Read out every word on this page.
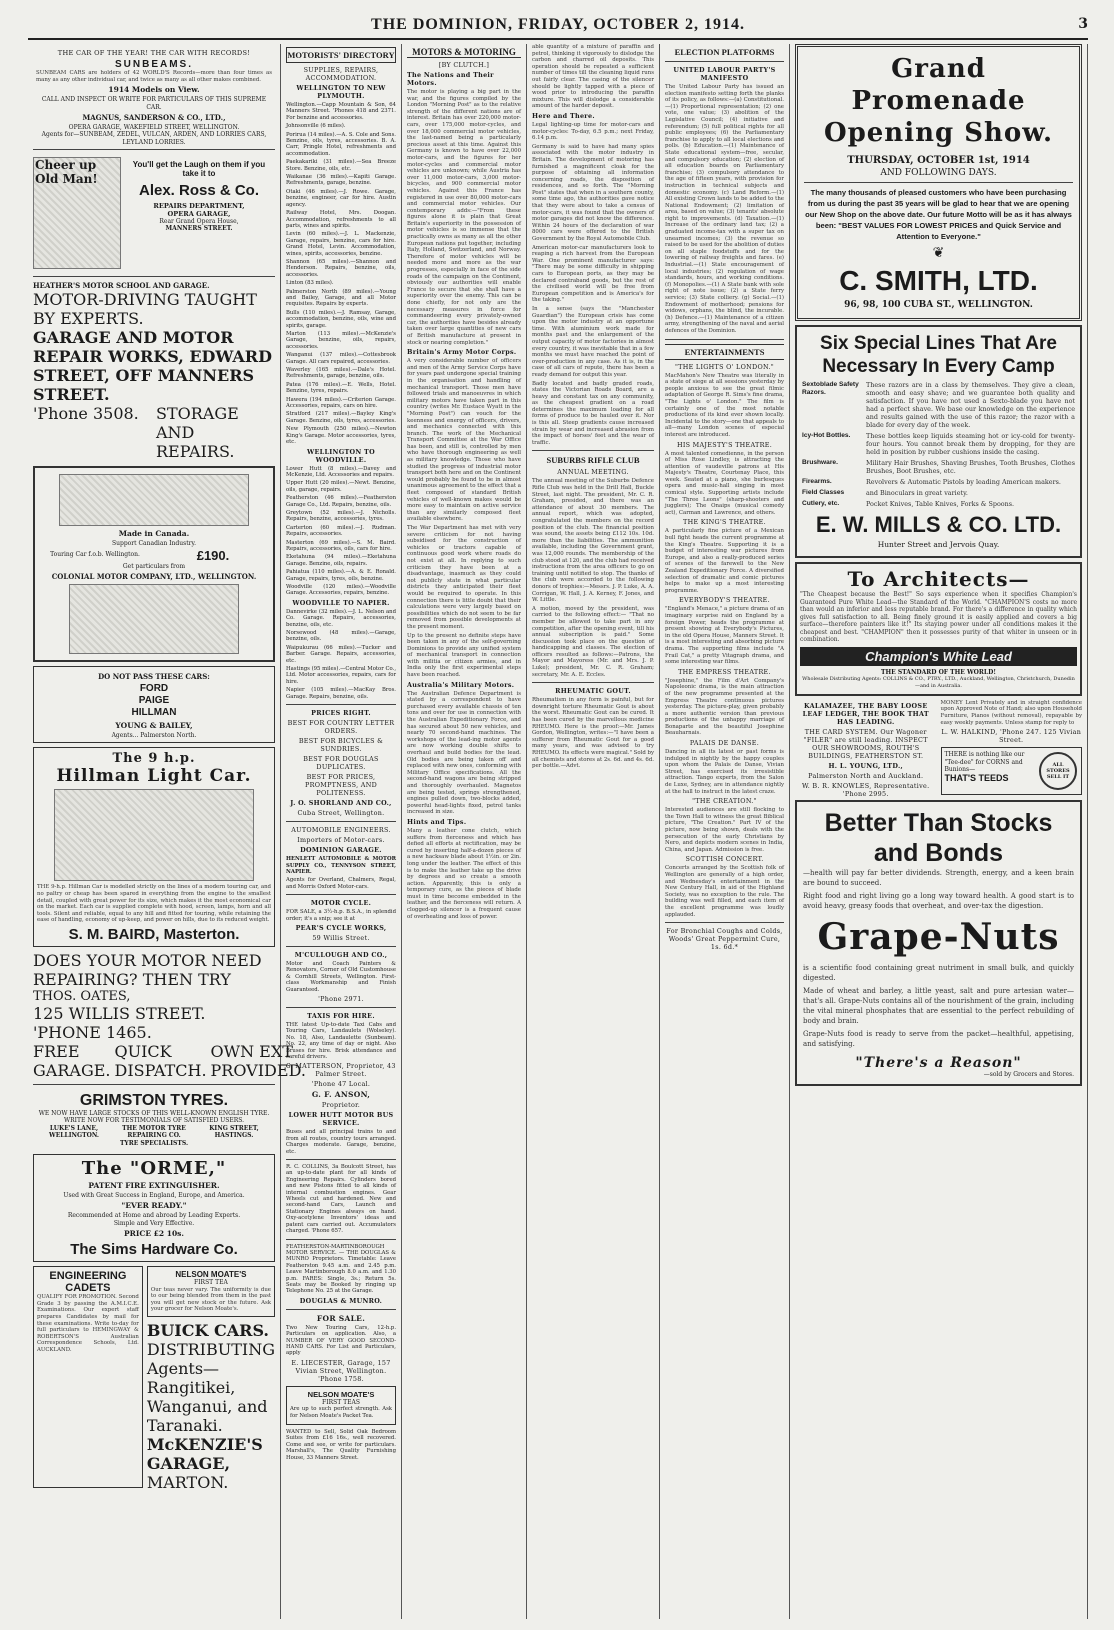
THE DOMINION, FRIDAY, OCTOBER 2, 1914.	3
THE CAR OF THE YEAR! THE CAR WITH RECORDS!
SUNBEAMS.
SUNBEAM CARS are holders of 42 WORLD'S Records—more than four times as many as any other individual car, and twice as many as all other makes combined.
1914 Models on View.
CALL AND INSPECT OR WRITE FOR PARTICULARS OF THIS SUPREME CAR.
MAGNUS, SANDERSON & CO., LTD.,
OPERA GARAGE, WAKEFIELD STREET, WELLINGTON.
Agents for—SUNBEAM, ZEDEL, VULCAN, ARDEN, AND LORRIES CARS, LEYLAND LORRIES.
Cheer up Old Man!
You'll get the Laugh on them if you take it to
Alex. Ross & Co.
REPAIRS DEPARTMENT,
OPERA GARAGE,
Rear Grand Opera House,
MANNERS STREET.
HEATHER'S MOTOR SCHOOL AND GARAGE.
MOTOR-DRIVING TAUGHT BY EXPERTS.
GARAGE AND MOTOR REPAIR WORKS, EDWARD STREET, OFF MANNERS STREET.
'Phone 3508.	STORAGE AND REPAIRS.
Made in Canada.
Support Canadian Industry.
Touring Car f.o.b. Wellington.	£190.
Get particulars from
COLONIAL MOTOR COMPANY, LTD., WELLINGTON.
DO NOT PASS THESE CARS:
FORD
PAIGE
HILLMAN
YOUNG & BAILEY,
Agents... Palmerston North.
The 9 h.p.
Hillman Light Car.
THE 9-h.p. Hillman Car is modelled strictly on the lines of a modern touring car, and no paltry or cheap has been spared in everything from the engine to the smallest detail, coupled with great power for its size, which makes it the most economical car on the market. Each car is supplied complete with hood, screen, lamps, horn and all tools. Silent and reliable, equal to any hill and fitted for touring, while retaining the ease of handling, economy of up-keep, and power on hills, due to its reduced weight.
S. M. BAIRD, Masterton.
DOES YOUR MOTOR NEED REPAIRING? THEN TRY
THOS. OATES,
125 WILLIS STREET. 'PHONE 1465.
FREE GARAGE.
QUICK DISPATCH.
OWN EXT PROVIDED.
GRIMSTON TYRES.
WE NOW HAVE LARGE STOCKS OF THIS WELL-KNOWN ENGLISH TYRE. WRITE NOW FOR TESTIMONIALS OF SATISFIED USERS.
LUKE'S LANE, WELLINGTON.
THE MOTOR TYRE REPAIRING CO.
KING STREET, HASTINGS.
TYRE SPECIALISTS.
The "ORME,"
PATENT FIRE EXTINGUISHER.
Used with Great Success in England, Europe, and America.
"EVER READY."
Recommended at Home and abroad by Leading Experts.
Simple and Very Effective.
PRICE £2 10s.
The Sims Hardware Co.
ENGINEERING CADETS
QUALIFY FOR PROMOTION. Second Grade 3 by passing the A.M.I.C.E. Examinations. Our expert staff prepares Candidates by mail for these examinations. Write to-day for full particulars to HEMINGWAY & ROBERTSON'S Australian Correspondence Schools, Ltd. AUCKLAND.
NELSON MOATE'S
FIRST TEA
Our teas never vary. The uniformity is due to our being blended from them in the past you will get new stock or the future. Ask your grocer for Nelson Moate's.
BUICK CARS.
DISTRIBUTING Agents—Rangitikei, Wanganui, and Taranaki.
McKENZIE'S GARAGE,
MARTON.
MOTORISTS' DIRECTORY
SUPPLIES, REPAIRS, ACCOMMODATION.
WELLINGTON TO NEW PLYMOUTH.
Wellington.—Capp Mountain & Son, 64 Manners Street. 'Phones 418 and 2371. For benzine and accessories.
Johnsonville (6 miles).
Porirua (14 miles).—A. S. Cole and Sons. Benzine, oils, tyres, accessories. B. A. Carr, Pringle Hotel, refreshments and accommodation.
Paekakariki (31 miles).—Sea Breeze Store. Benzine, oils, etc.
Waikanae (36 miles).—Kapiti Garage. Refreshments, garage, benzine.
Otaki (46 miles).—J. Rowe. Garage, benzine, engineer, car for hire. Austin agency.
Railway Hotel, Mrs. Doogan. Accommodation, refreshments to all parts, wines and spirits.
Levin (60 miles).—J. L. Mackenzie, Garage, repairs, benzine, cars for hire. Grand Hotel, Levin. Accommodation, wines, spirits, accessories, benzine.
Shannon (65 miles).—Shannon and Henderson. Repairs, benzine, oils, accessories.
Linton (83 miles).
Palmerston North (89 miles).—Young and Bailey, Garage, and all Motor requisites. Repairs by experts.
Bulls (110 miles).—J. Ramsay, Garage, accommodation, benzine, oils, wine and spirits, garage.
Marton (113 miles).—McKenzie's Garage, benzine, oils, repairs, accessories.
Wanganui (137 miles).—Cottesbrook Garage. All cars repaired, accessories.
Waverley (165 miles).—Dale's Hotel. Refreshments, garage, benzine, oils.
Patea (176 miles).—E. Wells, Hotel. Benzine, tyres, repairs.
Hawera (194 miles).—Criterion Garage. Accessories, repairs, cars on hire.
Stratford (217 miles).—Bayley King's Garage. Benzine, oils, tyres, accessories.
New Plymouth (250 miles).—Newton King's Garage. Motor accessories, tyres, etc.
WELLINGTON TO WOODVILLE.
Lower Hutt (8 miles).—Davey and McKenzie, Ltd. Accessories and repairs.
Upper Hutt (20 miles).—Newt. Benzine, oils, garage, repairs.
Featherston (46 miles).—Featherston Garage Co., Ltd. Repairs, benzine, oils.
Greytown (52 miles).—J. Nicholls. Repairs, benzine, accessories, tyres.
Carterton (60 miles).—J. Rudman. Repairs, accessories.
Masterton (69 miles).—S. M. Baird. Repairs, accessories, oils, cars for hire.
Eketahuna (94 miles).—Eketahuna Garage. Benzine, oils, repairs.
Pahiatua (110 miles).—A. & E. Ronald. Garage, repairs, tyres, oils, benzine.
Woodville (120 miles).—Woodville Garage. Accessories, repairs, benzine.
WOODVILLE TO NAPIER.
Dannevirke (32 miles).—J. L. Nelson and Co. Garage. Repairs, accessories, benzine, oils, etc.
Norsewood (48 miles).—Garage, benzine, oils.
Waipukurau (66 miles).—Tucker and Barber. Garage. Repairs, accessories, etc.
Hastings (95 miles).—Central Motor Co., Ltd. Motor accessories, repairs, cars for hire.
Napier (105 miles).—MacKay Bros. Garage. Repairs, benzine, oils.
PRICES RIGHT.
BEST FOR COUNTRY LETTER ORDERS.
BEST FOR BICYCLES & SUNDRIES.
BEST FOR DOUGLAS DUPLICATES.
BEST FOR PRICES, PROMPTNESS, AND POLITENESS.
J. O. SHORLAND AND CO.,
Cuba Street, Wellington.
AUTOMOBILE ENGINEERS.
Importers of Motor-cars.
DOMINION GARAGE.
HENLETT AUTOMOBILE & MOTOR SUPPLY CO., TENNYSON STREET, NAPIER.
Agents for Overland, Chalmers, Regal, and Morris Oxford Motor-cars.
MOTOR CYCLE.
FOR SALE, a 3½-h.p. B.S.A., in splendid order; it's a snip; see it at
PEAR'S CYCLE WORKS,
59 Willis Street.
M'CULLOUGH AND CO.,
Motor and Coach Painters & Renovators, Corner of Old Customhouse & Cornhill Streets, Wellington. First-class Workmanship and Finish Guaranteed.
'Phone 2971.
TAXIS FOR HIRE.
THE latest Up-to-date Taxi Cabs and Touring Cars, Landaulets (Wolseley). No. 18, Also, Landaulette (Sunbeam). No. 22, any time of day or night. Also Bruses for hire. Brisk attendance and careful drivers.
S. MATTERSON, Proprietor, 43 Palmer Street.
'Phone 47 Local.
G. F. ANSON,
Proprietor.
LOWER HUTT MOTOR BUS SERVICE.
Buses and all principal trains to and from all routes, country tours arranged. Charges moderate. Garage, benzine, etc.
R. C. COLLINS, 3a Boulcott Street, has an up-to-date plant for all kinds of Engineering Repairs. Cylinders bored and new Pistons fitted to all kinds of internal combustion engines. Gear Wheels cut and hardened. New and second-hand Cars, Launch and Stationary Engines always on hand. Oxy-acetylene Inventors' ideas and patent cars carried out. Accumulators charged. 'Phone 657.
FEATHERSTON-MARTINBOROUGH MOTOR SERVICE. — THE DOUGLAS & MUNRO Proprietors. Timetable: Leave Featherston 9.45 a.m. and 2.45 p.m. Leave Martinborough 8.0 a.m. and 1.30 p.m. FARES: Single, 3s.; Return 5s. Seats may be Booked by ringing up Telephone No. 25 at the Garage.
DOUGLAS & MUNRO.
FOR SALE.
Two New Touring Cars, 12-h.p. Particulars on application. Also, a NUMBER OF VERY GOOD SECOND-HAND CARS. For List and Particulars, apply
E. LIECESTER, Garage, 157 Vivian Street, Wellington. 'Phone 1758.
NELSON MOATE'S
FIRST TEAS
Are up to such perfect strength. Ask for Nelson Moate's Packet Tea.
WANTED to Sell, Solid Oak Bedroom Suites from £16 16s., well recovered. Come and see, or write for particulars. Marshall's, The Quality Furnishing House, 33 Manners Street.
MOTORS & MOTORING
[BY CLUTCH.]
The Nations and Their Motors.
The motor is playing a big part in the war, and the figures compiled by the London "Morning Post" as to the relative strength of the different nations are of interest. Britain has over 220,000 motor-cars, over 175,000 motor-cycles, and over 18,000 commercial motor vehicles, the last-named being a particularly precious asset at this time. Against this Germany is known to have over 22,000 motor-cars, and the figures for her motor-cycles and commercial motor vehicles are unknown; while Austria has over 11,000 motor-cars, 3,000 motor-bicycles, and 900 commercial motor vehicles. Against this France has registered in use over 80,000 motor-cars and commercial motor vehicles. Our contemporary adds:—"From these figures alone it is plain that Great Britain's superiority in the possession of motor vehicles is so immense that the practically owns as many as all the other European nations put together, including Italy, Holland, Switzerland, and Norway. Therefore of motor vehicles will be needed more and more as the war progresses, especially in face of the side roads of the campaign on the Continent, obviously our authorities will enable France to secure that she shall have a superiority over the enemy. This can be done chiefly, for not only are the necessary measures in force for commandeering every privately-owned car, the authorities have besides already taken over large quantities of new cars of British manufacture at present in stock or nearing completion."
Britain's Army Motor Corps.
A very considerable number of officers and men of the Army Service Corps have for years past undergone special training in the organisation and handling of mechanical transport. Those men have followed trials and manoeuvres in which military motors have taken part in this country (writes Mr. Eustace Wyatt in the "Morning Post") can vouch for the keenness and energy of officers, drivers, and mechanics connected with this branch. The work of the Mechanical Transport Committee at the War Office has been, and still is, controlled by men who have thorough engineering as well as military knowledge. Those who have studied the progress of industrial motor transport both here and on the Continent would probably be found to be in almost unanimous agreement to the effect that a fleet composed of standard British vehicles of well-known makes would be more easy to maintain on active service than any similarly composed fleet available elsewhere.
The War Department has met with very severe criticism for not having subsidised for the construction of vehicles or tractors capable of continuous good work where roads do not exist at all. In replying to such criticism they have been at a disadvantage, inasmuch as they could not publicly state in what particular districts they anticipated their fleet would be required to operate. In this connection there is little doubt that their calculations were very largely based on possibilities which do not seem to be far removed from possible developments at the present moment.
Up to the present no definite steps have been taken in any of the self-governing Dominions to provide any unified system of mechanical transport in connection with militia or citizen armies, and in India only the first experimental steps have been reached.
Australia's Military Motors.
The Australian Defence Department is stated by a correspondent to have purchased every available chassis of ten tons and over for use in connection with the Australian Expeditionary Force, and has secured about 50 new vehicles, and nearly 70 second-hand machines. The workshops of the lead-ing motor agents are now working double shifts to overhaul and build bodies for the lead. Old bodies are being taken off and replaced with new ones, conforming with Military Office specifications. All the second-hand wagons are being stripped and thoroughly overhauled. Magnetos are being tested, springs strengthened, engines pulled down, two-blocks added, powerful head-lights fixed, petrol tanks increased in size.
Hints and Tips.
Many a leather cone clutch, which suffers from fierceness and which has defied all efforts at rectification, may be cured by inserting half-a-dozen pieces of a new hacksaw blade about 1½in. or 2in. long under the leather. The effect of this is to make the leather take up the drive by degrees and so create a smooth action. Apparently, this is only a temporary cure, as the pieces of blade must in time become embedded in the leather, and the fierceness will return. A clogged-up silencer is a frequent cause of overheating and loss of power.
able quantity of a mixture of paraffin and petrol, thinking it vigorously to dislodge the carbon and charred oil deposits. This operation should be repeated a sufficient number of times till the cleaning liquid runs out fairly clear. The casing of the silencer should be lightly tapped with a piece of wood prior to introducing the paraffin mixture. This will dislodge a considerable amount of the harder deposit.
Here and There.
Legal lighting-up time for motor-cars and motor-cycles: To-day, 6.5 p.m.; next Friday, 6.14 p.m.
Germany is said to have had many spies associated with the motor industry in Britain. The development of motoring has furnished a magnificent cloak for the purpose of obtaining all information concerning roads, the disposition of residences, and so forth. The "Morning Post" states that when in a southern county, some time ago, the authorities gave notice that they were about to take a census of motor-cars, it was found that the owners of motor garages did not know the difference. Within 24 hours of the declaration of war 8000 cars were offered to the British Government by the Royal Automobile Club.
American motor-car manufacturers look to reaping a rich harvest from the European War. One prominent manufacturer says: "There may be some difficulty in shipping cars to European ports, as they may be declared contraband goods, but the rest of the civilised world will be free from European competition and is America's for the taking."
In a sense (says the "Manchester Guardian") the European crisis has come upon the motor industry at an opportune time. With aluminium work made for months past and the enlargement of the output capacity of motor factories in almost every country, it was inevitable that in a few months we must have reached the point of over-production in any case. As it is, in the case of all cars of repute, there has been a ready demand for output this year.
Badly located and badly graded roads, states the Victorian Roads Board, are a heavy and constant tax on any community, as the cheapest gradient on a road determines the maximum loading for all forms of produce to be hauled over it. Nor is this all. Steep gradients cause increased strain by wear and increased abrasion from the impact of horses' feet and the wear of traffic.
SUBURBS RIFLE CLUB
ANNUAL MEETING.
The annual meeting of the Suburbs Defence Rifle Club was held in the Drill Hall, Buckle Street, last night. The president, Mr. C. R. Graham, presided, and there was an attendance of about 30 members. The annual report, which was adopted, congratulated the members on the record position of the club. The financial position was sound, the assets being £112 10s. 10d. more than the liabilities. The ammunition available, including the Government grant, was 12,000 rounds. The membership of the club stood at 120, and the club had received instructions from the area officers to go on training until notified to stop. The thanks of the club were accorded to the following donors of trophies:—Messrs. J. P. Luke, A. A. Corrigan, W. Hall, J. A. Kerney, F. Jones, and W. Little.
A motion, moved by the president, was carried to the following effect:— "That no member be allowed to take part in any competition, after the opening event, till his annual subscription is paid." Some discussion took place on the question of handicapping and classes. The election of officers resulted as follows:—Patrons, the Mayor and Mayoress (Mr. and Mrs. J. P. Luke); president, Mr. C. R. Graham; secretary, Mr. A. E. Eccles.
RHEUMATIC GOUT.
Rheumatism in any form is painful, but for downright torture Rheumatic Gout is about the worst. Rheumatic Gout can be cured. It has been cured by the marvellous medicine RHEUMO. Here is the proof:—Mr. James Gordon, Wellington, writes:—"I have been a sufferer from Rheumatic Gout for a good many years, and was advised to try RHEUMO. Its effects were magical." Sold by all chemists and stores at 2s. 6d. and 4s. 6d. per bottle.—Advt.
ELECTION PLATFORMS
UNITED LABOUR PARTY'S MANIFESTO
The United Labour Party has issued an election manifesto setting forth the planks of its policy, as follows:—(a) Constitutional.—(1) Proportional representation; (2) one vote, one value; (3) abolition of the Legislative Council; (4) initiative and referendum; (5) full political rights for all public employees; (6) the Parliamentary franchise to apply to all local elections and polls. (b) Education.—(1) Maintenance of State educational system—free, secular, and compulsory education; (2) election of all education boards on Parliamentary franchise; (3) compulsory attendance to the age of fifteen years, with provision for instruction in technical subjects and domestic economy. (c) Land Reform.—(1) All existing Crown lands to be added to the National Endowment; (2) limitation of area, based on value; (3) tenants' absolute right to improvements. (d) Taxation.—(1) Increase of the ordinary land tax; (2) a graduated income-tax with a super tax on unearned incomes; (3) the revenue so raised to be used for the abolition of duties on all staple foodstuffs and for the lowering of railway freights and fares. (e) Industrial.—(1) State encouragement of local industries; (2) regulation of wage standards, hours, and working conditions. (f) Monopolies.—(1) A State bank with sole right of note issue; (2) a State ferry service; (3) State colliery. (g) Social.—(1) Endowment of motherhood; pensions for widows, orphans, the blind, the incurable. (h) Defence.—(1) Maintenance of a citizen army, strengthening of the naval and aerial defences of the Dominion.
ENTERTAINMENTS
"THE LIGHTS O' LONDON."
MacMahon's New Theatre was literally in a state of siege at all sessions yesterday by people anxious to see the great filmic adaptation of George R. Sims's fine drama, "The Lights o' London." The film is certainly one of the most notable productions of its kind ever shown locally. Incidental to the story—one that appeals to all—many London scenes of especial interest are introduced.
HIS MAJESTY'S THEATRE.
A most talented comedienne, in the person of Miss Rose Lindley, is attracting the attention of vaudeville patrons at His Majesty's Theatre, Courtenay Place, this week. Seated at a piano, she burlesques opera and music-hall singing in most comical style. Supporting artists include "The Three Leons" (sharp-shooters and jugglers); The Onaips (musical comedy act), Carman and Lawrence, and others.
THE KING'S THEATRE.
A particularly fine picture of a Mexican bull fight heads the current programme at the King's Theatre. Supporting it is a budget of interesting war pictures from Europe, and also a really-produced series of scenes of the farewell to the New Zealand Expeditionary Force. A diversified selection of dramatic and comic pictures helps to make up a most interesting programme.
EVERYBODY'S THEATRE.
"England's Menace," a picture drama of an imaginary surprise raid on England by a foreign Power, heads the programme at present showing at Everybody's Pictures, in the old Opera House, Manners Street. It is a most interesting and absorbing picture drama. The supporting films include "A Frail Cat," a pretty Vitagraph drama, and some interesting war films.
THE EMPRESS THEATRE.
"Josephine," the Film d'Art Company's Napoleonic drama, is the main attraction of the new programme presented at the Empress Theatre continuous pictures yesterday. The picture-play, given probably a more authentic version than previous productions of the unhappy marriage of Bonaparte and the beautiful Josephine Beauharnais.
PALAIS DE DANSE.
Dancing in all its latest or past forms is indulged in nightly by the happy couples upon whom the Palais de Danse, Vivian Street, has exercised its irresistible attraction. Tango experts, from the Salon de Luxe, Sydney, are in attendance nightly at the hall to instruct in the latest craze.
"THE CREATION."
Interested audiences are still flocking to the Town Hall to witness the great Biblical picture, "The Creation." Part IV of the picture, now being shown, deals with the persecution of the early Christians by Nero, and depicts modern scenes in India, China, and Japan. Admission is free.
SCOTTISH CONCERT.
Concerts arranged by the Scottish folk of Wellington are generally of a high order, and Wednesday's entertainment in the New Century Hall, in aid of the Highland Society, was no exception to the rule. The building was well filled, and each item of the excellent programme was loudly applauded.
For Bronchial Coughs and Colds, Woods' Great Peppermint Cure, 1s. 6d.*
Grand Promenade Opening Show.
THURSDAY, OCTOBER 1st, 1914
AND FOLLOWING DAYS.
The many thousands of pleased customers who have been purchasing from us during the past 35 years will be glad to hear that we are opening our New Shop on the above date. Our future Motto will be as it has always been: "BEST VALUES FOR LOWEST PRICES and Quick Service and Attention to Everyone."
❦
C. SMITH, LTD.
96, 98, 100 CUBA ST., WELLINGTON.
Six Special Lines That Are Necessary In Every Camp
Sextoblade Safety Razors.
These razors are in a class by themselves. They give a clean, smooth and easy shave; and we guarantee both quality and satisfaction. If you have not used a Sexto-blade you have not had a perfect shave. We base our knowledge on the experience and results gained with the use of this razor; the razor with a blade for every day of the week.
Icy-Hot Bottles.	These bottles keep liquids steaming hot or icy-cold for twenty-four hours. You cannot break them by dropping, for they are held in position by rubber cushions inside the casing.
Brushware.	Military Hair Brushes, Shaving Brushes, Tooth Brushes, Clothes Brushes, Boot Brushes, etc.
Firearms.	Revolvers & Automatic Pistols by leading American makers.
Field Classes	and Binoculars in great variety.
Cutlery, etc.	Pocket Knives, Table Knives, Forks & Spoons.
E. W. MILLS & CO. LTD.
Hunter Street and Jervois Quay.
To Architects—
"The Cheapest because the Best!" So says experience when it specifies Champion's Guaranteed Pure White Lead—the Standard of the World. "CHAMPION'S costs no more than would an inferior and less reputable brand. For there's a difference in quality which gives full satisfaction to all. Being finely ground it is easily applied and covers a big surface—therefore painters like it!" Its staying power under all conditions makes it the cheapest and best. "CHAMPION" then it possesses purity of that whiter in unseen or in combination.
Champion's White Lead
THE STANDARD OF THE WORLD!
Wholesale Distributing Agents: COLLINS & CO., PTRY., LTD., Auckland, Wellington, Christchurch, Dunedin—and in Australia.
KALAMAZEE, THE BABY LOOSE LEAF LEDGER, THE BOOK THAT HAS LEADING.
THE CARD SYSTEM. Our Wagoner "FILER" are still leading. INSPECT OUR SHOWROOMS, ROUTH'S BUILDINGS, FEATHERSTON ST.
H. L. YOUNG, LTD.,
Palmerston North and Auckland.
W. B. R. KNOWLES, Representative. 'Phone 2995.
MONEY Lent Privately and in straight confidence upon Approved Note of Hand; also upon Household Furniture, Pianos (without removal), repayable by easy weekly payments. Unless stamp for reply to
L. W. HALKIND, 'Phone 247. 125 Vivian Street.
THERE is nothing like our "Tee-dee" for CORNS and Bunions—
THAT'S TEEDS
ALL STORES SELL IT
Better Than Stocks and Bonds
—health will pay far better dividends. Strength, energy, and a keen brain are bound to succeed.
Right food and right living go a long way toward health. A good start is to avoid heavy, greasy foods that overheat, and over-tax the digestion.
Grape-Nuts
is a scientific food containing great nutriment in small bulk, and quickly digested.
Made of wheat and barley, a little yeast, salt and pure artesian water—that's all. Grape-Nuts contains all of the nourishment of the grain, including the vital mineral phosphates that are essential to the perfect rebuilding of body and brain.
Grape-Nuts food is ready to serve from the packet—healthful, appetising, and satisfying.
"There's a Reason"
—sold by Grocers and Stores.
